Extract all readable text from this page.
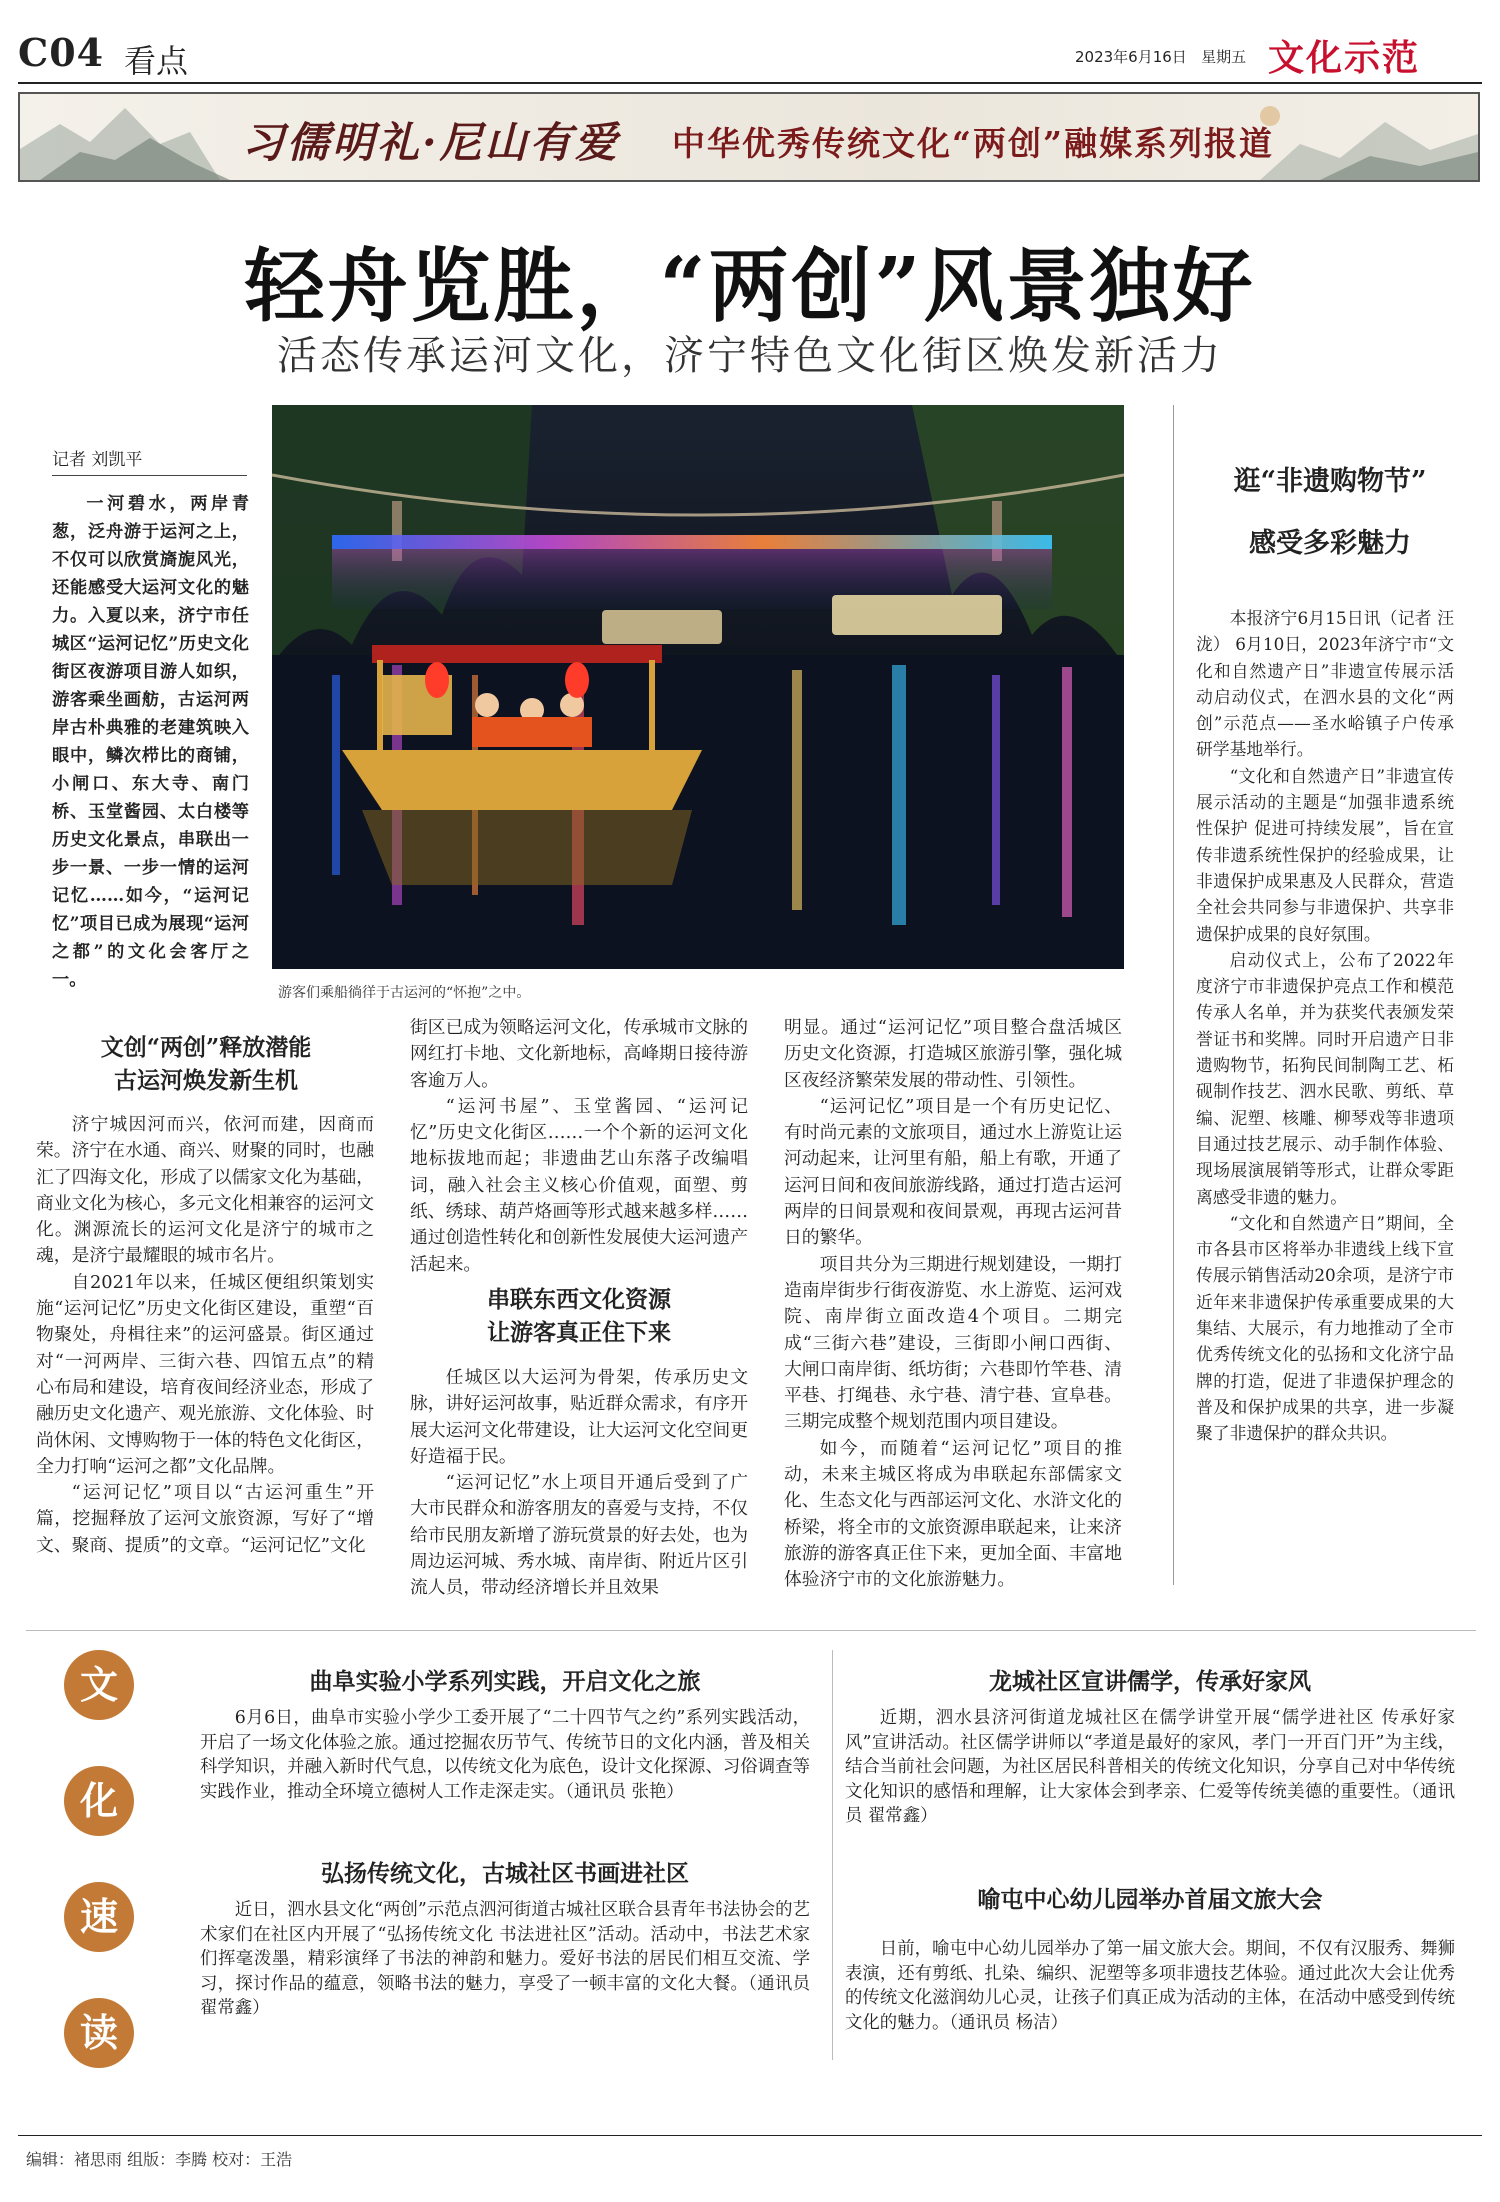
C04 看点	2023年6月16日 星期五 文化示范
习儒明礼·尼山有爱 中华优秀传统文化“两创”融媒系列报道
轻舟览胜，“两创”风景独好
活态传承运河文化，济宁特色文化街区焕发新活力
记者 刘凯平
一河碧水，两岸青葱，泛舟游于运河之上，不仅可以欣赏旖旎风光，还能感受大运河文化的魅力。入夏以来，济宁市任城区“运河记忆”历史文化街区夜游项目游人如织，游客乘坐画舫，古运河两岸古朴典雅的老建筑映入眼中，鳞次栉比的商铺，小闸口、东大寺、南门桥、玉堂酱园、太白楼等历史文化景点，串联出一步一景、一步一情的运河记忆……如今，“运河记忆”项目已成为展现“运河之都”的文化会客厅之一。
游客们乘船徜徉于古运河的“怀抱”之中。
逛“非遗购物节”
感受多彩魅力

本报济宁6月15日讯（记者 汪泷） 6月10日，2023年济宁市“文化和自然遗产日”非遗宣传展示活动启动仪式，在泗水县的文化“两创”示范点——圣水峪镇子户传承研学基地举行。

“文化和自然遗产日”非遗宣传展示活动的主题是“加强非遗系统性保护 促进可持续发展”，旨在宣传非遗系统性保护的经验成果，让非遗保护成果惠及人民群众，营造全社会共同参与非遗保护、共享非遗保护成果的良好氛围。

启动仪式上，公布了2022年度济宁市非遗保护亮点工作和模范传承人名单，并为获奖代表颁发荣誉证书和奖牌。同时开启遗产日非遗购物节，拓狗民间制陶工艺、柘砚制作技艺、泗水民歌、剪纸、草编、泥塑、核雕、柳琴戏等非遗项目通过技艺展示、动手制作体验、现场展演展销等形式，让群众零距离感受非遗的魅力。

“文化和自然遗产日”期间，全市各县市区将举办非遗线上线下宣传展示销售活动20余项，是济宁市近年来非遗保护传承重要成果的大集结、大展示，有力地推动了全市优秀传统文化的弘扬和文化济宁品牌的打造，促进了非遗保护理念的普及和保护成果的共享，进一步凝聚了非遗保护的群众共识。

文创“两创”释放潜能
古运河焕发新生机

济宁城因河而兴，依河而建，因商而荣。济宁在水通、商兴、财聚的同时，也融汇了四海文化，形成了以儒家文化为基础，商业文化为核心，多元文化相兼容的运河文化。渊源流长的运河文化是济宁的城市之魂，是济宁最耀眼的城市名片。

自2021年以来，任城区便组织策划实施“运河记忆”历史文化街区建设，重塑“百物聚处，舟楫往来”的运河盛景。街区通过对“一河两岸、三街六巷、四馆五点”的精心布局和建设，培育夜间经济业态，形成了融历史文化遗产、观光旅游、文化体验、时尚休闲、文博购物于一体的特色文化街区，全力打响“运河之都”文化品牌。

“运河记忆”项目以“古运河重生”开篇，挖掘释放了运河文旅资源，写好了“增文、聚商、提质”的文章。“运河记忆”文化

街区已成为领略运河文化，传承城市文脉的网红打卡地、文化新地标，高峰期日接待游客逾万人。

“运河书屋”、玉堂酱园、“运河记忆”历史文化街区……一个个新的运河文化地标拔地而起；非遗曲艺山东落子改编唱词，融入社会主义核心价值观，面塑、剪纸、绣球、葫芦烙画等形式越来越多样……通过创造性转化和创新性发展使大运河遗产活起来。

串联东西文化资源
让游客真正住下来

任城区以大运河为骨架，传承历史文脉，讲好运河故事，贴近群众需求，有序开展大运河文化带建设，让大运河文化空间更好造福于民。

“运河记忆”水上项目开通后受到了广大市民群众和游客朋友的喜爱与支持，不仅给市民朋友新增了游玩赏景的好去处，也为周边运河城、秀水城、南岸街、附近片区引流人员，带动经济增长并且效果

明显。通过“运河记忆”项目整合盘活城区历史文化资源，打造城区旅游引擎，强化城区夜经济繁荣发展的带动性、引领性。

“运河记忆”项目是一个有历史记忆、有时尚元素的文旅项目，通过水上游览让运河动起来，让河里有船，船上有歌，开通了运河日间和夜间旅游线路，通过打造古运河两岸的日间景观和夜间景观，再现古运河昔日的繁华。

项目共分为三期进行规划建设，一期打造南岸街步行街夜游览、水上游览、运河戏院、南岸街立面改造4个项目。二期完成“三街六巷”建设，三街即小闸口西街、大闸口南岸街、纸坊街；六巷即竹竿巷、清平巷、打绳巷、永宁巷、清宁巷、宣阜巷。三期完成整个规划范围内项目建设。

如今，而随着“运河记忆”项目的推动，未来主城区将成为串联起东部儒家文化、生态文化与西部运河文化、水浒文化的桥梁，将全市的文旅资源串联起来，让来济旅游的游客真正住下来，更加全面、丰富地体验济宁市的文化旅游魅力。

文
化
速
读
曲阜实验小学系列实践，开启文化之旅

6月6日，曲阜市实验小学少工委开展了“二十四节气之约”系列实践活动，开启了一场文化体验之旅。通过挖掘农历节气、传统节日的文化内涵，普及相关科学知识，并融入新时代气息，以传统文化为底色，设计文化探源、习俗调查等实践作业，推动全环境立德树人工作走深走实。（通讯员 张艳）

龙城社区宣讲儒学，传承好家风

近期，泗水县济河街道龙城社区在儒学讲堂开展“儒学进社区 传承好家风”宣讲活动。社区儒学讲师以“孝道是最好的家风，孝门一开百门开”为主线，结合当前社会问题，为社区居民科普相关的传统文化知识，分享自己对中华传统文化知识的感悟和理解，让大家体会到孝亲、仁爱等传统美德的重要性。（通讯员 翟常鑫）

弘扬传统文化，古城社区书画进社区

近日，泗水县文化“两创”示范点泗河街道古城社区联合县青年书法协会的艺术家们在社区内开展了“弘扬传统文化 书法进社区”活动。活动中，书法艺术家们挥毫泼墨，精彩演绎了书法的神韵和魅力。爱好书法的居民们相互交流、学习，探讨作品的蕴意，领略书法的魅力，享受了一顿丰富的文化大餐。（通讯员 翟常鑫）

喻屯中心幼儿园举办首届文旅大会

日前，喻屯中心幼儿园举办了第一届文旅大会。期间，不仅有汉服秀、舞狮表演，还有剪纸、扎染、编织、泥塑等多项非遗技艺体验。通过此次大会让优秀的传统文化滋润幼儿心灵，让孩子们真正成为活动的主体，在活动中感受到传统文化的魅力。（通讯员 杨洁）

编辑：褚思雨 组版：李腾 校对：王浩
